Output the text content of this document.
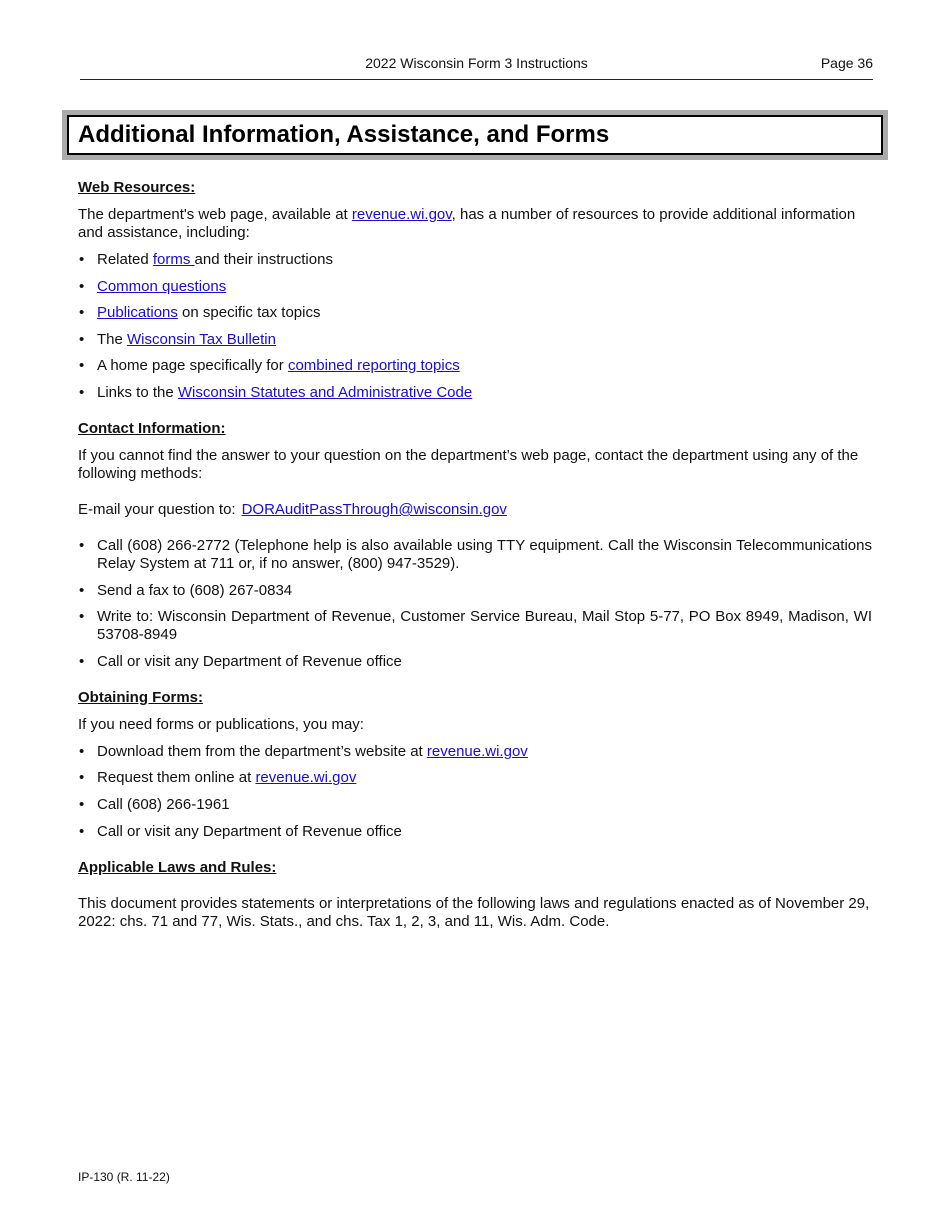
2022 Wisconsin Form 3 Instructions	Page 36
Additional Information, Assistance, and Forms
Web Resources:

The department's web page, available at revenue.wi.gov, has a number of resources to provide additional information and assistance, including:

• Related forms and their instructions
• Common questions
• Publications on specific tax topics
• The Wisconsin Tax Bulletin
• A home page specifically for combined reporting topics
• Links to the Wisconsin Statutes and Administrative Code
Contact Information:

If you cannot find the answer to your question on the department’s web page, contact the department using any of the following methods:

E-mail your question to: DORAuditPassThrough@wisconsin.gov

• Call (608) 266-2772 (Telephone help is also available using TTY equipment. Call the Wisconsin Telecommunications Relay System at 711 or, if no answer, (800) 947-3529).
• Send a fax to (608) 267-0834
• Write to: Wisconsin Department of Revenue, Customer Service Bureau, Mail Stop 5-77, PO Box 8949, Madison, WI 53708-8949
• Call or visit any Department of Revenue office
Obtaining Forms:

If you need forms or publications, you may:

• Download them from the department’s website at revenue.wi.gov
• Request them online at revenue.wi.gov
• Call (608) 266-1961
• Call or visit any Department of Revenue office
Applicable Laws and Rules:

This document provides statements or interpretations of the following laws and regulations enacted as of November 29, 2022: chs. 71 and 77, Wis. Stats., and chs. Tax 1, 2, 3, and 11, Wis. Adm. Code.

IP-130 (R. 11-22)
